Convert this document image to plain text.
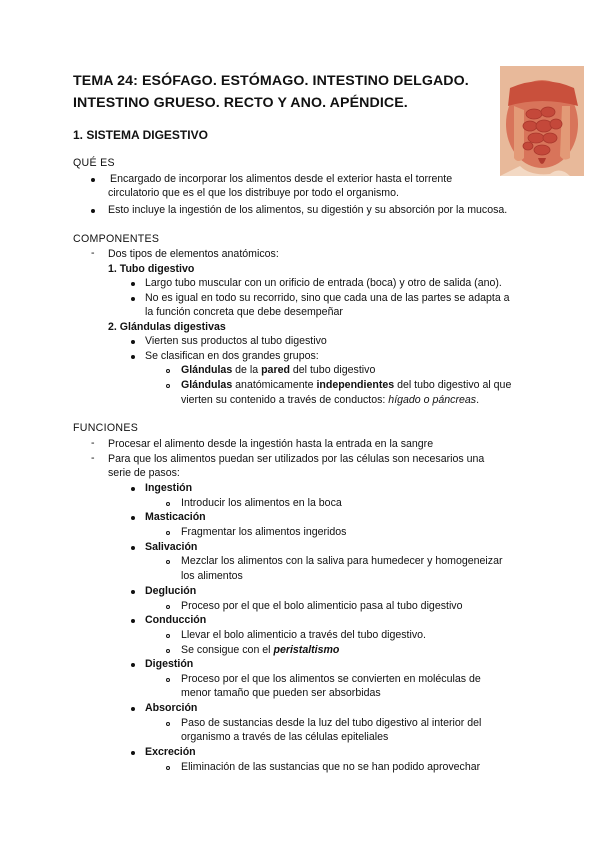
TEMA 24: ESÓFAGO. ESTÓMAGO. INTESTINO DELGADO.
INTESTINO GRUESO. RECTO Y ANO. APÉNDICE.
1. SISTEMA DIGESTIVO
QUÉ ES
Encargado de incorporar los alimentos desde el exterior hasta el torrente
circulatorio que es el que los distribuye por todo el organismo.
Esto incluye la ingestión de los alimentos, su digestión y su absorción por la mucosa.
COMPONENTES
- Dos tipos de elementos anatómicos:
1. Tubo digestivo
Largo tubo muscular con un orificio de entrada (boca) y otro de salida (ano).
No es igual en todo su recorrido, sino que cada una de las partes se adapta a
la función concreta que debe desempeñar
2. Glándulas digestivas
Vierten sus productos al tubo digestivo
Se clasifican en dos grandes grupos:
Glándulas de la pared del tubo digestivo
Glándulas anatómicamente independientes del tubo digestivo al que
vierten su contenido a través de conductos: hígado o páncreas.
FUNCIONES
- Procesar el alimento desde la ingestión hasta la entrada en la sangre
- Para que los alimentos puedan ser utilizados por las células son necesarios una
serie de pasos:
Ingestión
Introducir los alimentos en la boca
Masticación
Fragmentar los alimentos ingeridos
Salivación
Mezclar los alimentos con la saliva para humedecer y homogeneizar
los alimentos
Deglución
Proceso por el que el bolo alimenticio pasa al tubo digestivo
Conducción
Llevar el bolo alimenticio a través del tubo digestivo.
Se consigue con el peristaltismo
Digestión
Proceso por el que los alimentos se convierten en moléculas de
menor tamaño que pueden ser absorbidas
Absorción
Paso de sustancias desde la luz del tubo digestivo al interior del
organismo a través de las células epiteliales
Excreción
Eliminación de las sustancias que no se han podido aprovechar
